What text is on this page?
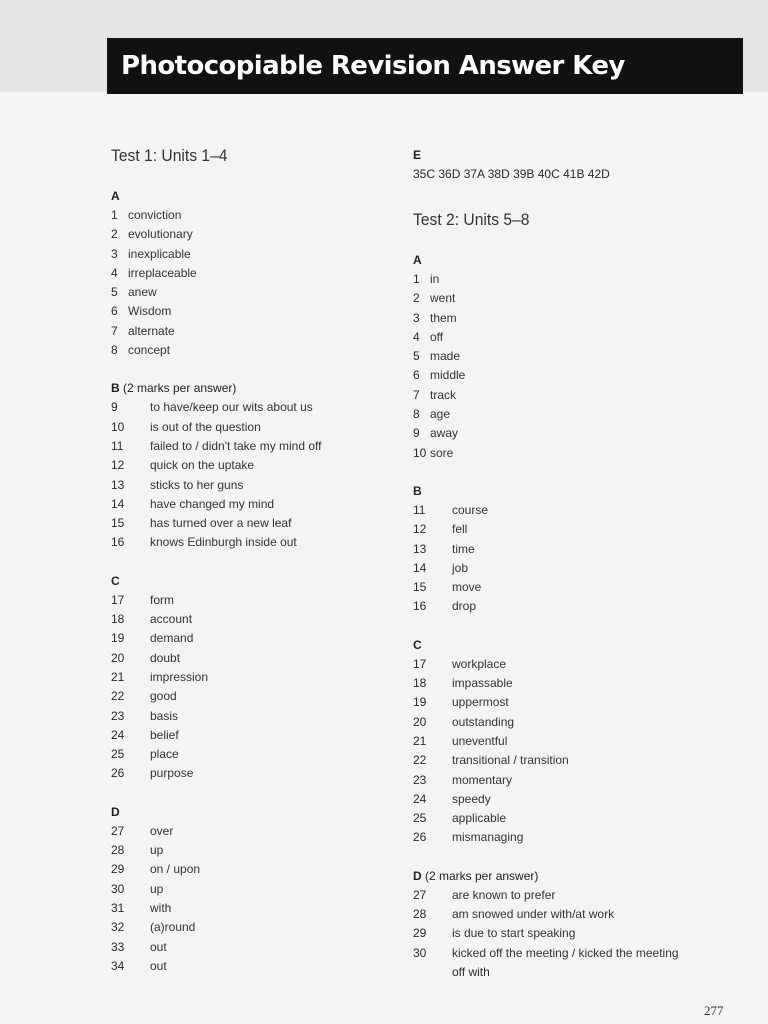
Photocopiable Revision Answer Key
Test 1: Units 1–4
A
1 conviction
2 evolutionary
3 inexplicable
4 irreplaceable
5 anew
6 Wisdom
7 alternate
8 concept
B (2 marks per answer)
9	to have/keep our wits about us
10	is out of the question
11	failed to / didn't take my mind off
12	quick on the uptake
13	sticks to her guns
14	have changed my mind
15	has turned over a new leaf
16	knows Edinburgh inside out
C
17	form
18	account
19	demand
20	doubt
21	impression
22	good
23	basis
24	belief
25	place
26	purpose
D
27	over
28	up
29	on / upon
30	up
31	with
32	(a)round
33	out
34	out
E
35C 36D 37A 38D 39B 40C 41B 42D
Test 2: Units 5–8
A
1 in
2 went
3 them
4 off
5 made
6 middle
7 track
8 age
9 away
10 sore
B
11	course
12	fell
13	time
14	job
15	move
16	drop
C
17	workplace
18	impassable
19	uppermost
20	outstanding
21	uneventful
22	transitional / transition
23	momentary
24	speedy
25	applicable
26	mismanaging
D (2 marks per answer)
27	are known to prefer
28	am snowed under with/at work
29	is due to start speaking
30	kicked off the meeting / kicked the meeting
off with
277
